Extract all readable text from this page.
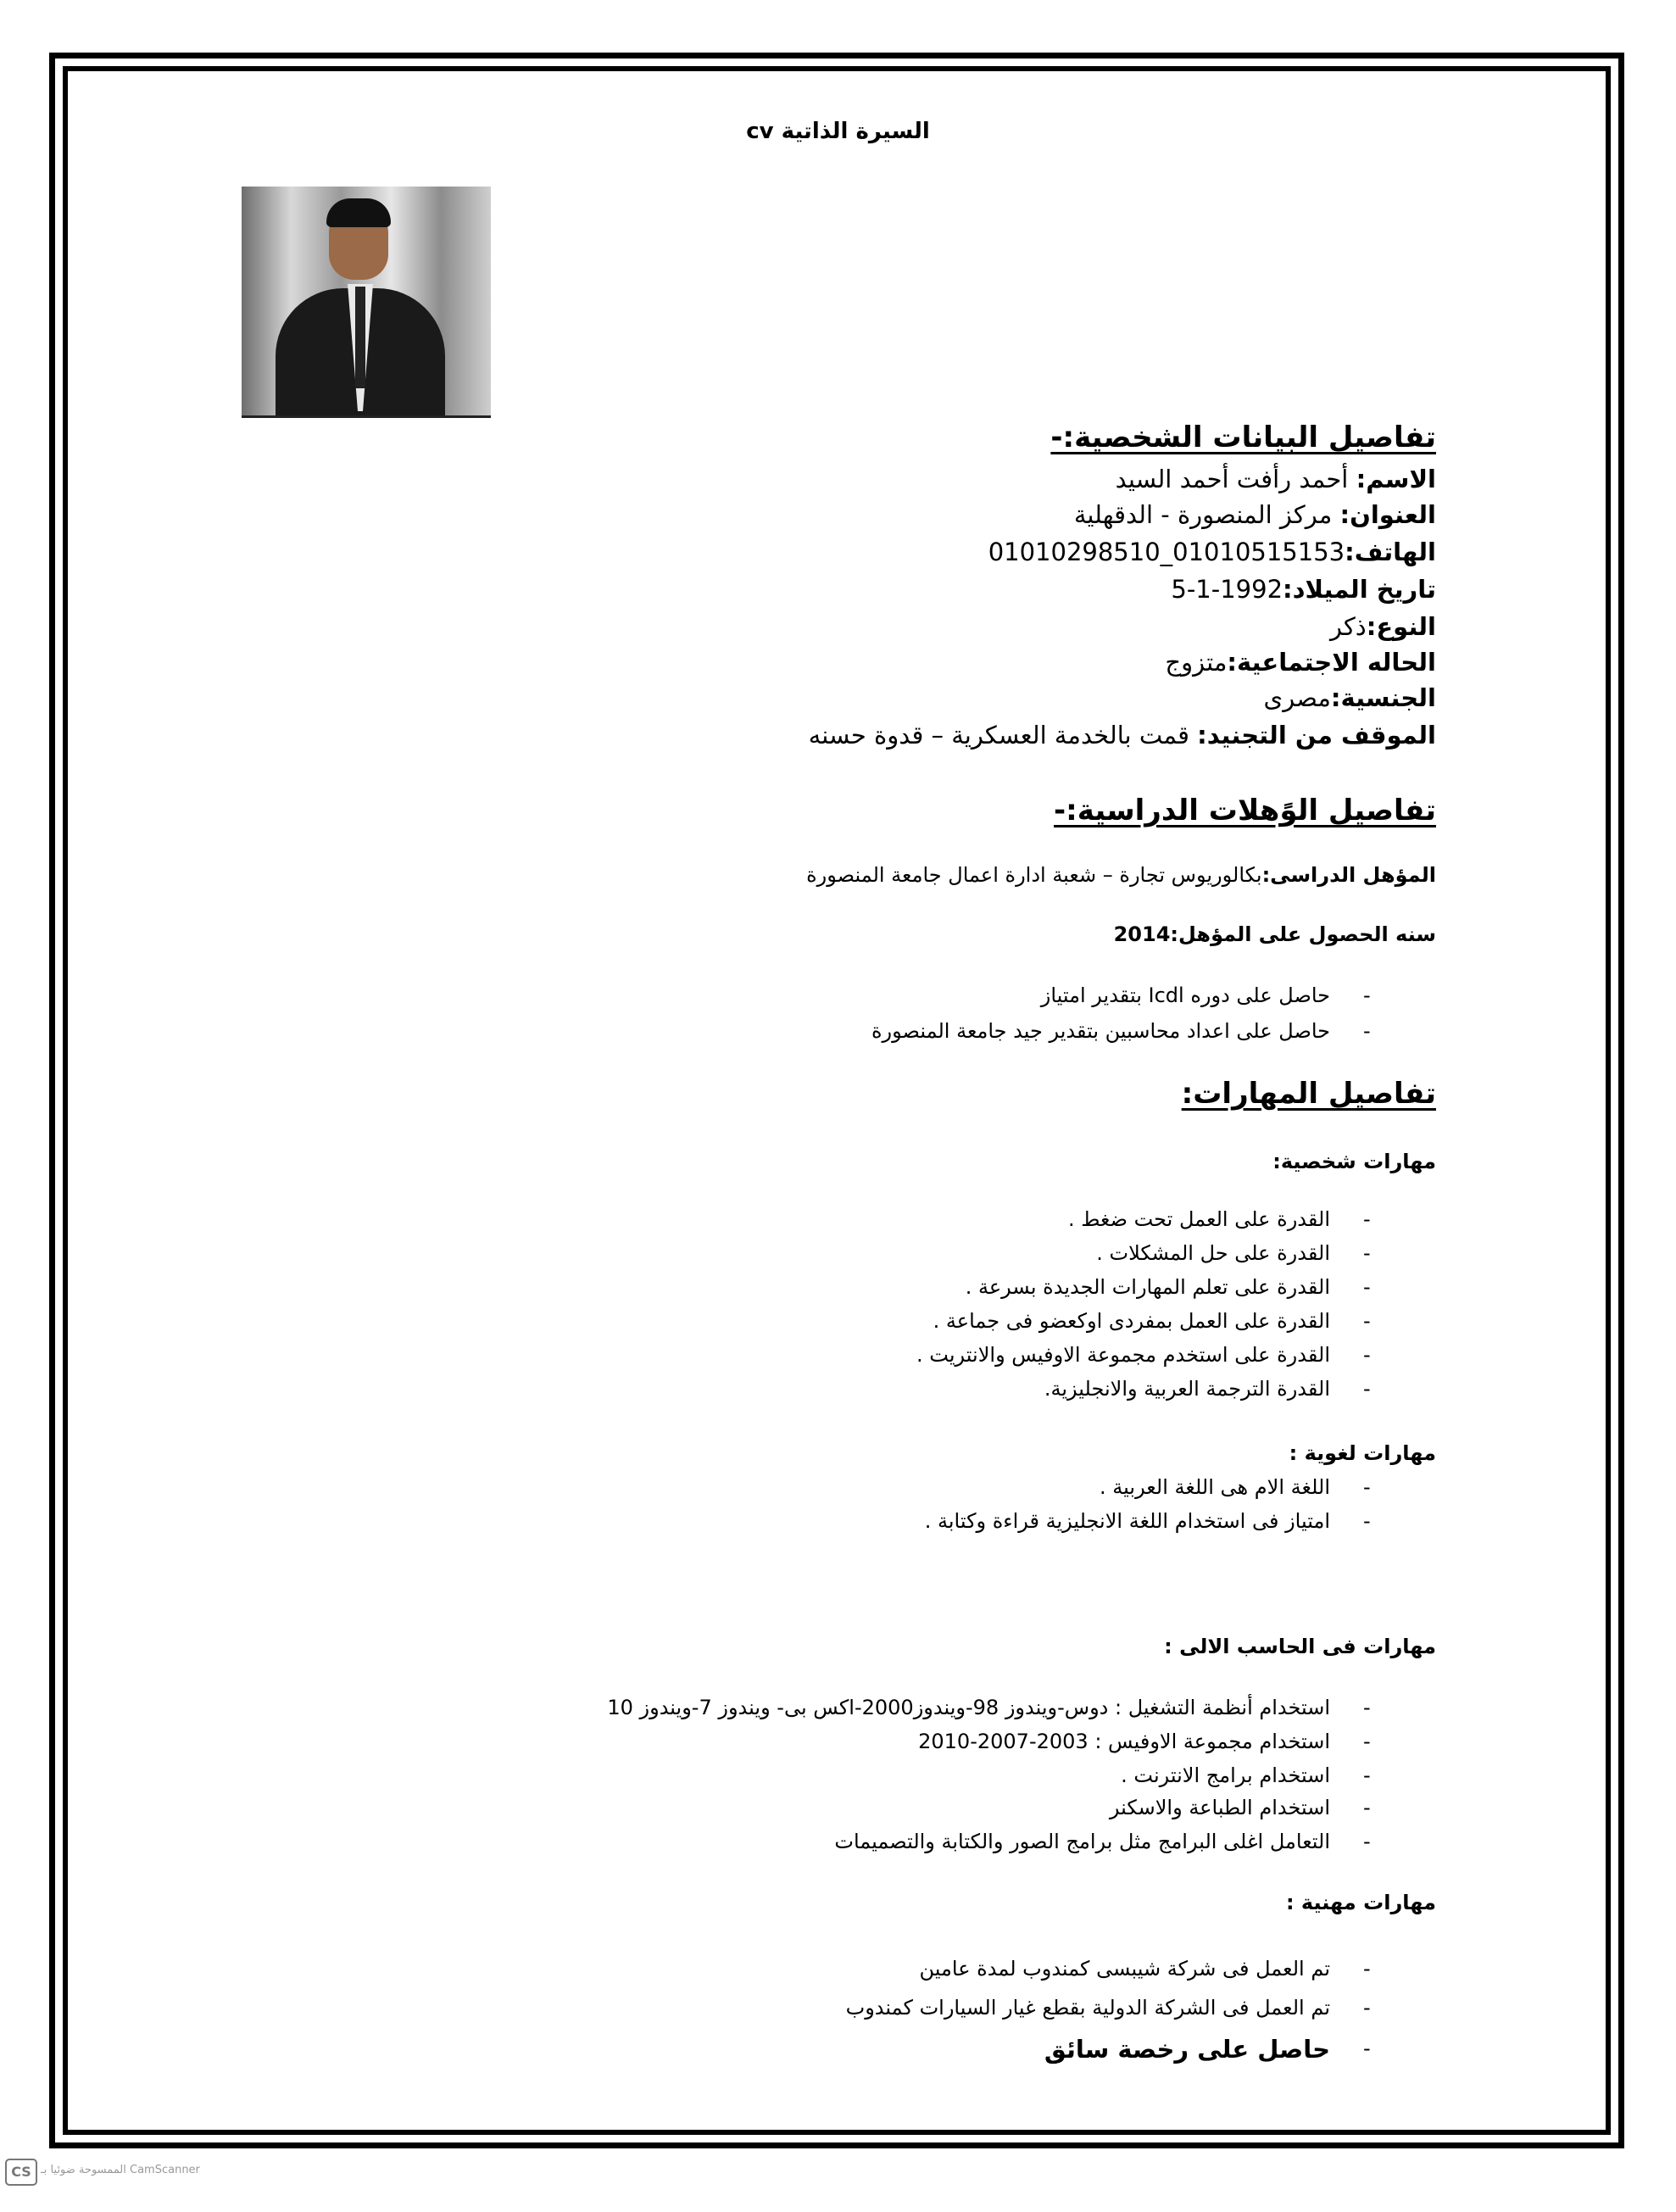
السيرة الذاتية cv
تفاصيل البيانات الشخصية:-
الاسم: أحمد رأفت أحمد السيد
العنوان: مركز المنصورة - الدقهلية
الهاتف:01010298510_01010515153
تاريخ الميلاد:5-1-1992
النوع:ذكر
الحاله الاجتماعية:متزوج
الجنسية:مصرى
الموقف من التجنيد: قمت بالخدمة العسكرية – قدوة حسنه
تفاصيل الوًهلات الدراسية:-
المؤهل الدراسى:بكالوريوس تجارة – شعبة ادارة اعمال جامعة المنصورة
سنه الحصول على المؤهل:2014
-
حاصل على دوره Icdl بتقدير امتياز
-
حاصل على اعداد محاسبين بتقدير جيد جامعة المنصورة
تفاصيل المهارات:
مهارات شخصية:
-
القدرة على العمل تحت ضغط .
-
القدرة على حل المشكلات .
-
القدرة على تعلم المهارات الجديدة بسرعة .
-
القدرة على العمل بمفردى اوكعضو فى جماعة .
-
القدرة على استخدم مجموعة الاوفيس والانتريت .
-
القدرة الترجمة العربية والانجليزية.
مهارات لغوية :
-
اللغة الام هى اللغة العربية .
-
امتياز فى استخدام اللغة الانجليزية قراءة وكتابة .
مهارات فى الحاسب الالى :
-
استخدام أنظمة التشغيل : دوس-ويندوز 98-ويندوز2000-اكس بى- ويندوز 7-ويندوز 10
-
استخدام مجموعة الاوفيس : 2003-2007-2010
-
استخدام برامج الانترنت .
-
استخدام الطباعة والاسكنر
-
التعامل اغلى البرامج مثل برامج الصور والكتابة والتصميمات
مهارات مهنية :
-
تم العمل فى شركة شيبسى كمندوب لمدة عامين
-
تم العمل فى الشركة الدولية بقطع غيار السيارات كمندوب
-
حاصل على رخصة سائق
CS الممسوحة ضوئيا بـ CamScanner
